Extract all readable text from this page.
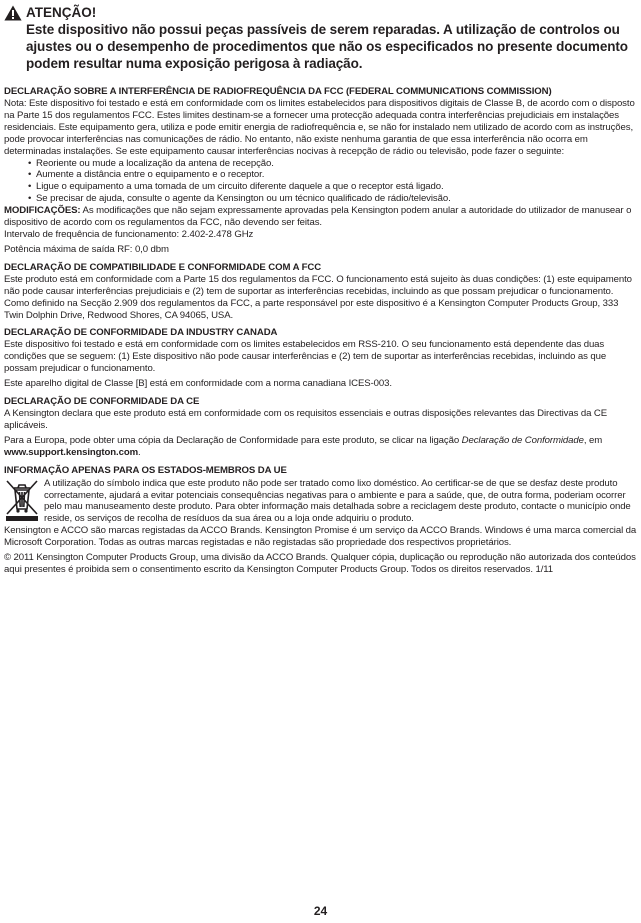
ATENÇÃO!
Este dispositivo não possui peças passíveis de serem reparadas. A utilização de controlos ou ajustes ou o desempenho de procedimentos que não os especificados no presente documento podem resultar numa exposição perigosa à radiação.

DECLARAÇÃO SOBRE A INTERFERÊNCIA DE RADIOFREQUÊNCIA DA FCC (FEDERAL COMMUNICATIONS COMMISSION)

Nota: Este dispositivo foi testado e está em conformidade com os limites estabelecidos para dispositivos digitais de Classe B, de acordo com o disposto na Parte 15 dos regulamentos FCC. Estes limites destinam-se a fornecer uma protecção adequada contra interferências prejudiciais em instalações residenciais. Este equipamento gera, utiliza e pode emitir energia de radiofrequência e, se não for instalado nem utilizado de acordo com as instruções, pode provocar interferências nas comunicações de rádio. No entanto, não existe nenhuma garantia de que essa interferência não ocorra em determinadas instalações. Se este equipamento causar interferências nocivas à recepção de rádio ou televisão, pode fazer o seguinte:

• Reoriente ou mude a localização da antena de recepção.
• Aumente a distância entre o equipamento e o receptor.
• Ligue o equipamento a uma tomada de um circuito diferente daquele a que o receptor está ligado.
• Se precisar de ajuda, consulte o agente da Kensington ou um técnico qualificado de rádio/televisão.

MODIFICAÇÕES: As modificações que não sejam expressamente aprovadas pela Kensington podem anular a autoridade do utilizador de manusear o dispositivo de acordo com os regulamentos da FCC, não devendo ser feitas.

Intervalo de frequência de funcionamento: 2.402-2.478 GHz

Potência máxima de saída RF: 0,0 dbm

DECLARAÇÃO DE COMPATIBILIDADE E CONFORMIDADE COM A FCC

Este produto está em conformidade com a Parte 15 dos regulamentos da FCC. O funcionamento está sujeito às duas condições: (1) este equipamento não pode causar interferências prejudiciais e (2) tem de suportar as interferências recebidas, incluindo as que possam prejudicar o funcionamento. Como definido na Secção 2.909 dos regulamentos da FCC, a parte responsável por este dispositivo é a Kensington Computer Products Group, 333 Twin Dolphin Drive, Redwood Shores, CA 94065, USA.

DECLARAÇÃO DE CONFORMIDADE DA INDUSTRY CANADA

Este dispositivo foi testado e está em conformidade com os limites estabelecidos em RSS-210. O seu funcionamento está dependente das duas condições que se seguem: (1) Este dispositivo não pode causar interferências e (2) tem de suportar as interferências recebidas, incluindo as que possam prejudicar o funcionamento.

Este aparelho digital de Classe [B] está em conformidade com a norma canadiana ICES-003.

DECLARAÇÃO DE CONFORMIDADE DA CE

A Kensington declara que este produto está em conformidade com os requisitos essenciais e outras disposições relevantes das Directivas da CE aplicáveis.

Para a Europa, pode obter uma cópia da Declaração de Conformidade para este produto, se clicar na ligação Declaração de Conformidade, em www.support.kensington.com.

INFORMAÇÃO APENAS PARA OS ESTADOS-MEMBROS DA UE

A utilização do símbolo indica que este produto não pode ser tratado como lixo doméstico. Ao certificar-se de que se desfaz deste produto correctamente, ajudará a evitar potenciais consequências negativas para o ambiente e para a saúde, que, de outra forma, poderiam ocorrer pelo mau manuseamento deste produto. Para obter informação mais detalhada sobre a reciclagem deste produto, contacte o município onde reside, os serviços de recolha de resíduos da sua área ou a loja onde adquiriu o produto.

Kensington e ACCO são marcas registadas da ACCO Brands. Kensington Promise é um serviço da ACCO Brands. Windows é uma marca comercial da Microsoft Corporation. Todas as outras marcas registadas e não registadas são propriedade dos respectivos proprietários.

© 2011 Kensington Computer Products Group, uma divisão da ACCO Brands. Qualquer cópia, duplicação ou reprodução não autorizada dos conteúdos aqui presentes é proibida sem o consentimento escrito da Kensington Computer Products Group. Todos os direitos reservados. 1/11

24
